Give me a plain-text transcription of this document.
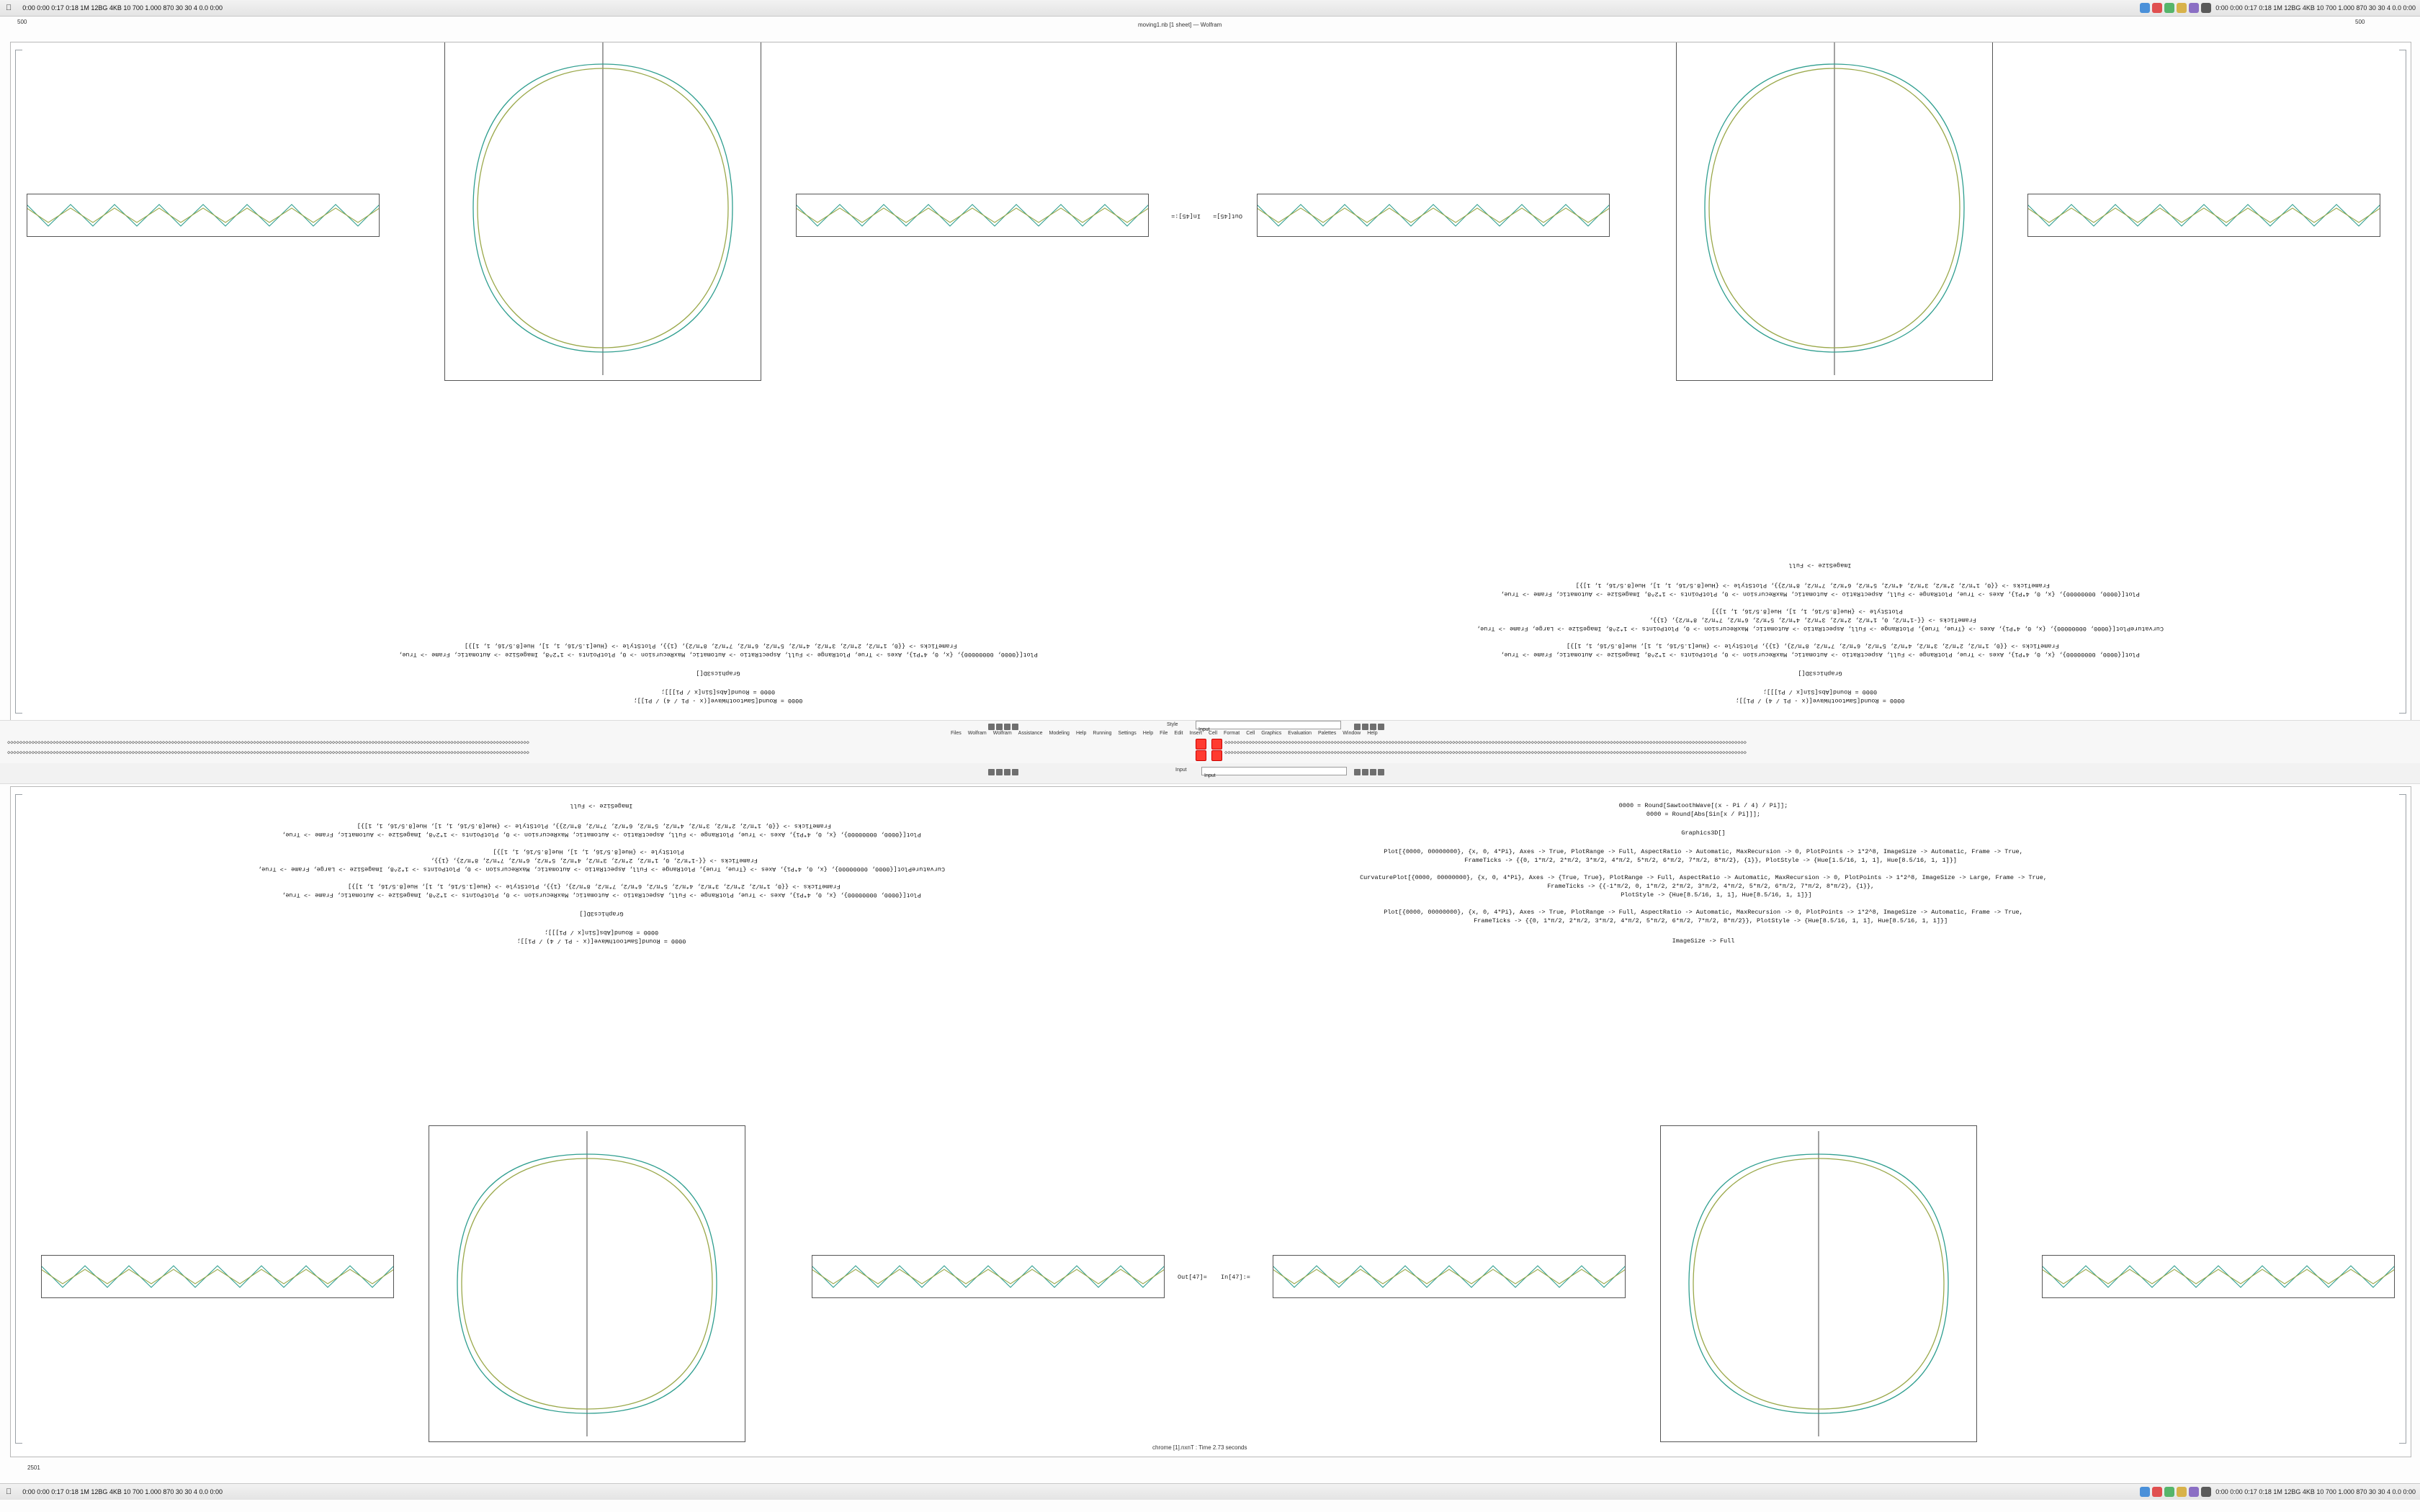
0:00 0:00 0:17 0:18 1M 12BG 4KB 10 700 1.000 870 30 30 4 0.0 0:00	0:00 0:00 0:17 0:18 1M 12BG 4KB 10 700 1.000 870 30 30 4 0.0 0:00
500	moving1.nb [1 sheet] — Wolfram	500
0000 = Round[SawtoothWave[(x - Pi / 4) / Pi]];
0000 = Round[Abs[Sin[x / Pi]]];
Graphics3D[]
Plot[{0000, 00000000}, {x, 0, 4*Pi}, Axes -> True, PlotRange -> Full, AspectRatio -> Automatic, MaxRecursion -> 0, PlotPoints -> 1*2^8, ImageSize -> Automatic, Frame -> True,
FrameTicks -> {{0, 1*π/2, 2*π/2, 3*π/2, 4*π/2, 5*π/2, 6*π/2, 7*π/2, 8*π/2}, {1}}, PlotStyle -> {Hue[1.5/16, 1, 1], Hue[8.5/16, 1, 1]}]
CurvaturePlot[{0000, 00000000}, {x, 0, 4*Pi}, Axes -> {True, True}, PlotRange -> Full, AspectRatio -> Automatic, MaxRecursion -> 0, PlotPoints -> 1*2^8, ImageSize -> Large, Frame -> True,
FrameTicks -> {{-1*π/2, 0, 1*π/2, 2*π/2, 3*π/2, 4*π/2, 5*π/2, 6*π/2, 7*π/2, 8*π/2}, {1}},
PlotStyle -> {Hue[8.5/16, 1, 1], Hue[8.5/16, 1, 1]}]
Plot[{0000, 00000000}, {x, 0, 4*Pi}, Axes -> True, PlotRange -> Full, AspectRatio -> Automatic, MaxRecursion -> 0, PlotPoints -> 1*2^8, ImageSize -> Automatic, Frame -> True,
FrameTicks -> {{0, 1*π/2, 2*π/2, 3*π/2, 4*π/2, 5*π/2, 6*π/2, 7*π/2, 8*π/2}}, PlotStyle -> {Hue[8.5/16, 1, 1], Hue[8.5/16, 1, 1]}]
ImageSize -> Full
0000 = Round[SawtoothWave[(x - Pi / 4) / Pi]];
0000 = Round[Abs[Sin[x / Pi]]];
Graphics3D[]
Plot[{0000, 00000000}, {x, 0, 4*Pi}, Axes -> True, PlotRange -> Full, AspectRatio -> Automatic, MaxRecursion -> 0, PlotPoints -> 1*2^8, ImageSize -> Automatic, Frame -> True,
FrameTicks -> {{0, 1*π/2, 2*π/2, 3*π/2, 4*π/2, 5*π/2, 6*π/2, 7*π/2, 8*π/2}, {1}}, PlotStyle -> {Hue[1.5/16, 1, 1], Hue[8.5/16, 1, 1]}]
Out[45]=
In[45]:=
Style
Input
Files Wolfram Wolfram Assistance Modeling Help Running Settings Help File Edit Insert Cell Format Cell Graphics Evaluation Palettes Window Help
◇◇◇◇◇◇◇◇◇◇◇◇◇◇◇◇◇◇◇◇◇◇◇◇◇◇◇◇◇◇◇◇◇◇◇◇◇◇◇◇◇◇◇◇◇◇◇◇◇◇◇◇◇◇◇◇◇◇◇◇◇◇◇◇◇◇◇◇◇◇◇◇◇◇◇◇◇◇◇◇◇◇◇◇◇◇◇◇◇◇◇◇◇◇◇◇◇◇◇◇◇◇◇◇◇◇◇◇◇◇◇◇◇◇◇◇◇◇◇◇◇◇◇◇◇◇◇◇◇◇◇◇◇◇◇◇◇◇◇◇◇◇◇◇◇◇◇◇◇◇◇◇◇◇◇◇◇◇◇◇◇◇◇◇◇◇◇◇◇◇◇◇	◇◇◇◇◇◇◇◇◇◇◇◇◇◇◇◇◇◇◇◇◇◇◇◇◇◇◇◇◇◇◇◇◇◇◇◇◇◇◇◇◇◇◇◇◇◇◇◇◇◇◇◇◇◇◇◇◇◇◇◇◇◇◇◇◇◇◇◇◇◇◇◇◇◇◇◇◇◇◇◇◇◇◇◇◇◇◇◇◇◇◇◇◇◇◇◇◇◇◇◇◇◇◇◇◇◇◇◇◇◇◇◇◇◇◇◇◇◇◇◇◇◇◇◇◇◇◇◇◇◇◇◇◇◇◇◇◇◇◇◇◇◇◇◇◇◇◇◇◇◇◇◇◇◇◇◇◇◇◇◇◇◇◇◇◇◇◇◇◇◇◇◇
◇◇◇◇◇◇◇◇◇◇◇◇◇◇◇◇◇◇◇◇◇◇◇◇◇◇◇◇◇◇◇◇◇◇◇◇◇◇◇◇◇◇◇◇◇◇◇◇◇◇◇◇◇◇◇◇◇◇◇◇◇◇◇◇◇◇◇◇◇◇◇◇◇◇◇◇◇◇◇◇◇◇◇◇◇◇◇◇◇◇◇◇◇◇◇◇◇◇◇◇◇◇◇◇◇◇◇◇◇◇◇◇◇◇◇◇◇◇◇◇◇◇◇◇◇◇◇◇◇◇◇◇◇◇◇◇◇◇◇◇◇◇◇◇◇◇◇◇◇◇◇◇◇◇◇◇◇◇◇◇◇◇◇◇◇◇◇◇◇◇◇◇	◇◇◇◇◇◇◇◇◇◇◇◇◇◇◇◇◇◇◇◇◇◇◇◇◇◇◇◇◇◇◇◇◇◇◇◇◇◇◇◇◇◇◇◇◇◇◇◇◇◇◇◇◇◇◇◇◇◇◇◇◇◇◇◇◇◇◇◇◇◇◇◇◇◇◇◇◇◇◇◇◇◇◇◇◇◇◇◇◇◇◇◇◇◇◇◇◇◇◇◇◇◇◇◇◇◇◇◇◇◇◇◇◇◇◇◇◇◇◇◇◇◇◇◇◇◇◇◇◇◇◇◇◇◇◇◇◇◇◇◇◇◇◇◇◇◇◇◇◇◇◇◇◇◇◇◇◇◇◇◇◇◇◇◇◇◇◇◇◇◇◇◇
Input
Input
0000 = Round[SawtoothWave[(x - Pi / 4) / Pi]];
0000 = Round[Abs[Sin[x / Pi]]];
Graphics3D[]
Plot[{0000, 00000000}, {x, 0, 4*Pi}, Axes -> True, PlotRange -> Full, AspectRatio -> Automatic, MaxRecursion -> 0, PlotPoints -> 1*2^8, ImageSize -> Automatic, Frame -> True,
FrameTicks -> {{0, 1*π/2, 2*π/2, 3*π/2, 4*π/2, 5*π/2, 6*π/2, 7*π/2, 8*π/2}, {1}}, PlotStyle -> {Hue[1.5/16, 1, 1], Hue[8.5/16, 1, 1]}]
CurvaturePlot[{0000, 00000000}, {x, 0, 4*Pi}, Axes -> {True, True}, PlotRange -> Full, AspectRatio -> Automatic, MaxRecursion -> 0, PlotPoints -> 1*2^8, ImageSize -> Large, Frame -> True,
FrameTicks -> {{-1*π/2, 0, 1*π/2, 2*π/2, 3*π/2, 4*π/2, 5*π/2, 6*π/2, 7*π/2, 8*π/2}, {1}},
PlotStyle -> {Hue[8.5/16, 1, 1], Hue[8.5/16, 1, 1]}]
Plot[{0000, 00000000}, {x, 0, 4*Pi}, Axes -> True, PlotRange -> Full, AspectRatio -> Automatic, MaxRecursion -> 0, PlotPoints -> 1*2^8, ImageSize -> Automatic, Frame -> True,
FrameTicks -> {{0, 1*π/2, 2*π/2, 3*π/2, 4*π/2, 5*π/2, 6*π/2, 7*π/2, 8*π/2}}, PlotStyle -> {Hue[8.5/16, 1, 1], Hue[8.5/16, 1, 1]}]
ImageSize -> Full	0000 = Round[SawtoothWave[(x - Pi / 4) / Pi]];
0000 = Round[Abs[Sin[x / Pi]]];
Graphics3D[]
Plot[{0000, 00000000}, {x, 0, 4*Pi}, Axes -> True, PlotRange -> Full, AspectRatio -> Automatic, MaxRecursion -> 0, PlotPoints -> 1*2^8, ImageSize -> Automatic, Frame -> True,
FrameTicks -> {{0, 1*π/2, 2*π/2, 3*π/2, 4*π/2, 5*π/2, 6*π/2, 7*π/2, 8*π/2}, {1}}, PlotStyle -> {Hue[1.5/16, 1, 1], Hue[8.5/16, 1, 1]}]
CurvaturePlot[{0000, 00000000}, {x, 0, 4*Pi}, Axes -> {True, True}, PlotRange -> Full, AspectRatio -> Automatic, MaxRecursion -> 0, PlotPoints -> 1*2^8, ImageSize -> Large, Frame -> True,
FrameTicks -> {{-1*π/2, 0, 1*π/2, 2*π/2, 3*π/2, 4*π/2, 5*π/2, 6*π/2, 7*π/2, 8*π/2}, {1}},
PlotStyle -> {Hue[8.5/16, 1, 1], Hue[8.5/16, 1, 1]}]
Plot[{0000, 00000000}, {x, 0, 4*Pi}, Axes -> True, PlotRange -> Full, AspectRatio -> Automatic, MaxRecursion -> 0, PlotPoints -> 1*2^8, ImageSize -> Automatic, Frame -> True,
FrameTicks -> {{0, 1*π/2, 2*π/2, 3*π/2, 4*π/2, 5*π/2, 6*π/2, 7*π/2, 8*π/2}}, PlotStyle -> {Hue[8.5/16, 1, 1], Hue[8.5/16, 1, 1]}]
ImageSize -> Full
Out[47]= In[47]:=
2501
chrome [1].nxnT : Time 2.73 seconds
0:00 0:00 0:17 0:18 1M 12BG 4KB 10 700 1.000 870 30 30 4 0.0 0:00	0:00 0:00 0:17 0:18 1M 12BG 4KB 10 700 1.000 870 30 30 4 0.0 0:00
